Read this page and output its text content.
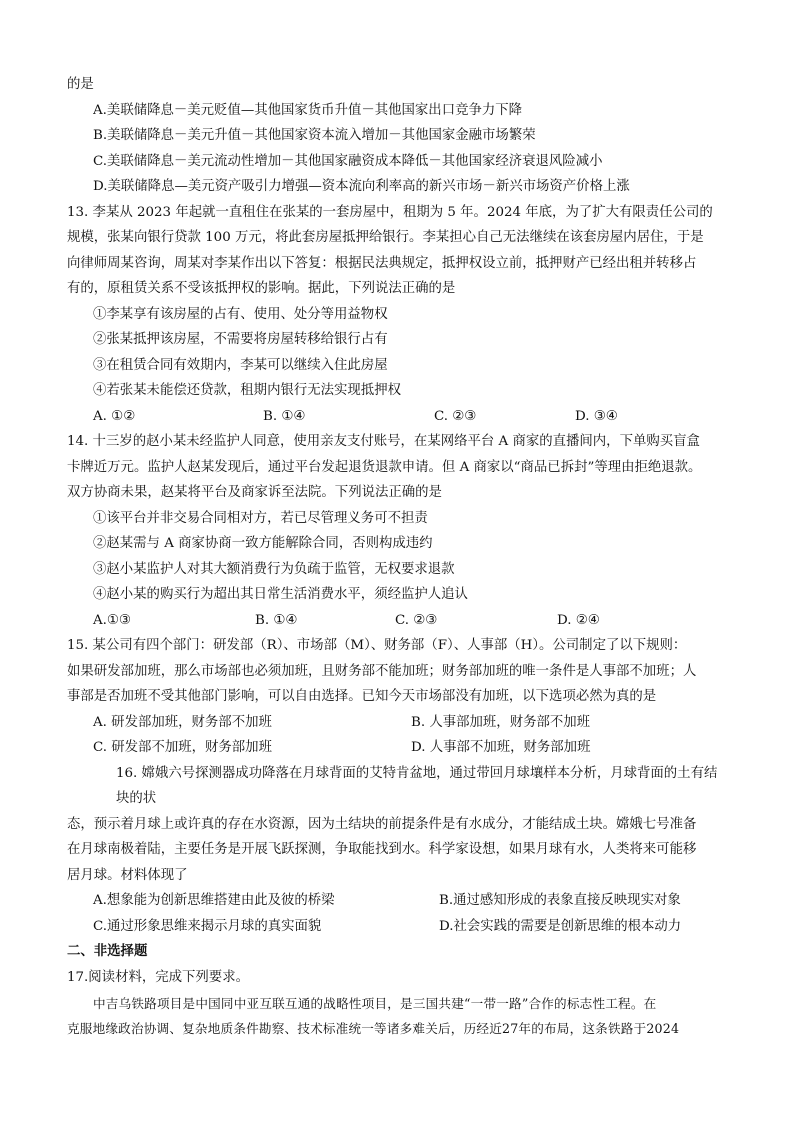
的是
A.美联储降息－美元贬值—其他国家货币升值－其他国家出口竞争力下降
B.美联储降息－美元升值－其他国家资本流入增加－其他国家金融市场繁荣
C.美联储降息－美元流动性增加－其他国家融资成本降低－其他国家经济衰退风险减小
D.美联储降息—美元资产吸引力增强—资本流向利率高的新兴市场－新兴市场资产价格上涨
13. 李某从 2023 年起就一直租住在张某的一套房屋中，租期为 5 年。2024 年底，为了扩大有限责任公司的
规模，张某向银行贷款 100 万元，将此套房屋抵押给银行。李某担心自己无法继续在该套房屋内居住，于是
向律师周某咨询，周某对李某作出以下答复：根据民法典规定，抵押权设立前，抵押财产已经出租并转移占
有的，原租赁关系不受该抵押权的影响。据此，下列说法正确的是
①李某享有该房屋的占有、使用、处分等用益物权
②张某抵押该房屋，不需要将房屋转移给银行占有
③在租赁合同有效期内，李某可以继续入住此房屋
④若张某未能偿还贷款，租期内银行无法实现抵押权
A. ①②	B. ①④	C. ②③	D. ③④
14. 十三岁的赵小某未经监护人同意，使用亲友支付账号，在某网络平台 A 商家的直播间内，下单购买盲盒
卡牌近万元。监护人赵某发现后，通过平台发起退货退款申请。但 A 商家以“商品已拆封”等理由拒绝退款。
双方协商未果，赵某将平台及商家诉至法院。下列说法正确的是
①该平台并非交易合同相对方，若已尽管理义务可不担责
②赵某需与 A 商家协商一致方能解除合同，否则构成违约
③赵小某监护人对其大额消费行为负疏于监管，无权要求退款
④赵小某的购买行为超出其日常生活消费水平，须经监护人追认
A.①③	B. ①④	C. ②③	D. ②④
15. 某公司有四个部门：研发部（R）、市场部（M）、财务部（F）、人事部（H）。公司制定了以下规则：
如果研发部加班，那么市场部也必须加班，且财务部不能加班；财务部加班的唯一条件是人事部不加班；人
事部是否加班不受其他部门影响，可以自由选择。已知今天市场部没有加班，以下选项必然为真的是
A. 研发部加班，财务部不加班	B. 人事部加班，财务部不加班
C. 研发部不加班，财务部加班	D. 人事部不加班，财务部加班
16. 嫦娥六号探测器成功降落在月球背面的艾特肯盆地，通过带回月球壤样本分析，月球背面的土有结
块的状
态，预示着月球上或许真的存在水资源，因为土结块的前提条件是有水成分，才能结成土块。嫦娥七号准备
在月球南极着陆，主要任务是开展飞跃探测，争取能找到水。科学家设想，如果月球有水，人类将来可能移
居月球。材料体现了
A.想象能为创新思维搭建由此及彼的桥梁	B.通过感知形成的表象直接反映现实对象
C.通过形象思维来揭示月球的真实面貌	D.社会实践的需要是创新思维的根本动力
二、非选择题
17.阅读材料，完成下列要求。
中吉乌铁路项目是中国同中亚互联互通的战略性项目，是三国共建“一带一路”合作的标志性工程。在
克服地缘政治协调、复杂地质条件勘察、技术标准统一等诸多难关后，历经近27年的布局，这条铁路于2024
